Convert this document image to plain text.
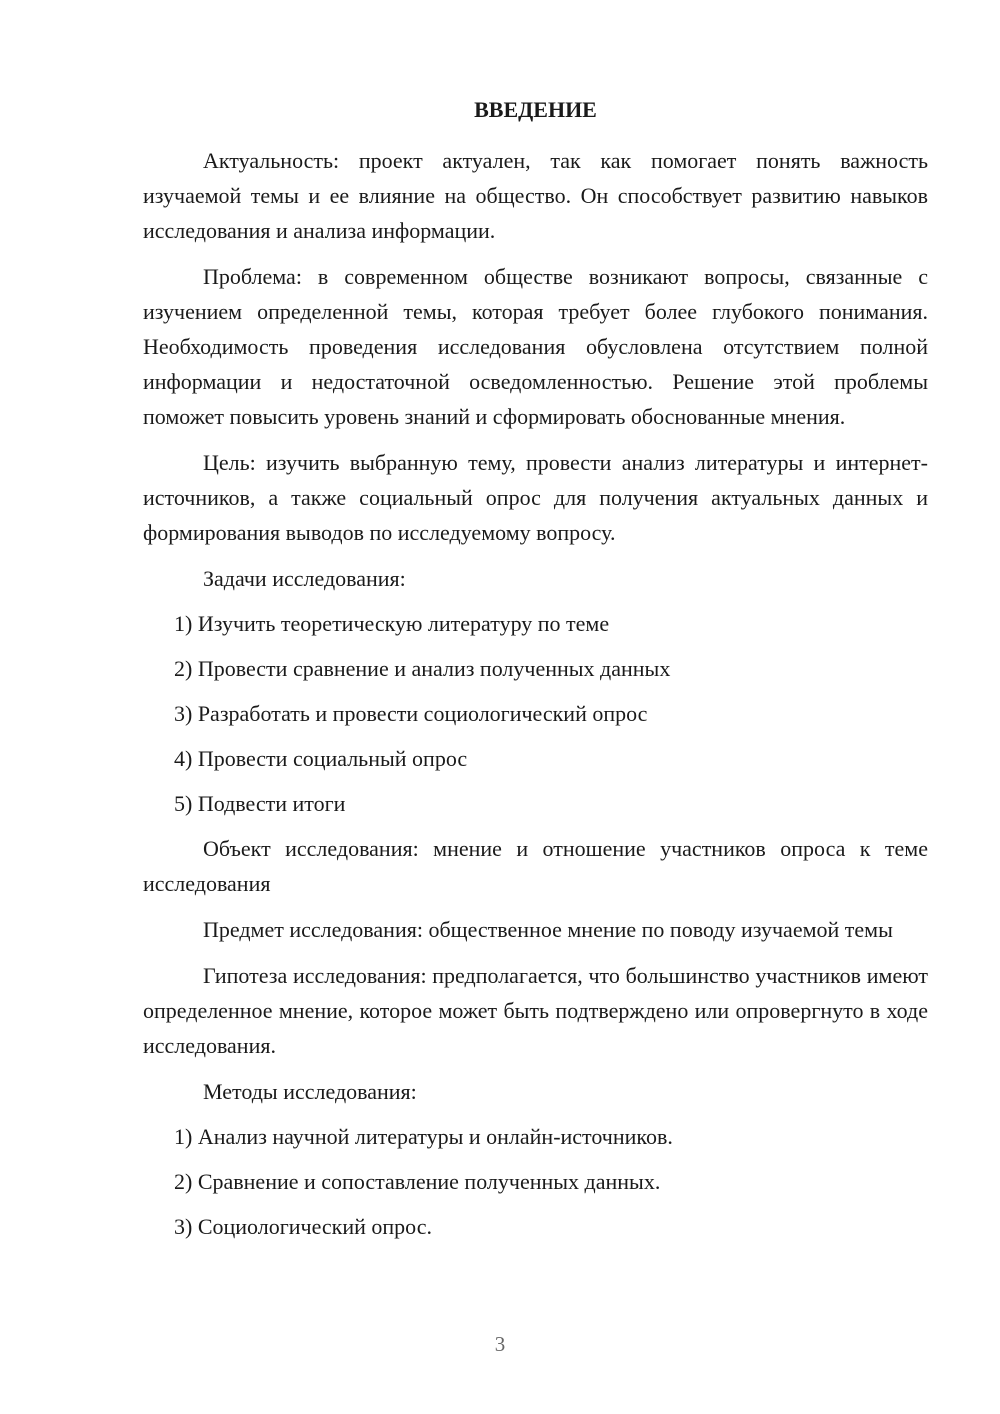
ВВЕДЕНИЕ

Актуальность: проект актуален, так как помогает понять важность изучаемой темы и ее влияние на общество. Он способствует развитию навыков исследования и анализа информации.

Проблема: в современном обществе возникают вопросы, связанные с изучением определенной темы, которая требует более глубокого понимания. Необходимость проведения исследования обусловлена отсутствием полной информации и недостаточной осведомленностью. Решение этой проблемы поможет повысить уровень знаний и сформировать обоснованные мнения.

Цель: изучить выбранную тему, провести анализ литературы и интернет-источников, а также социальный опрос для получения актуальных данных и формирования выводов по исследуемому вопросу.

Задачи исследования:

1) Изучить теоретическую литературу по теме
2) Провести сравнение и анализ полученных данных
3) Разработать и провести социологический опрос
4) Провести социальный опрос
5) Подвести итоги

Объект исследования: мнение и отношение участников опроса к теме исследования

Предмет исследования: общественное мнение по поводу изучаемой темы

Гипотеза исследования: предполагается, что большинство участников имеют определенное мнение, которое может быть подтверждено или опровергнуто в ходе исследования.

Методы исследования:

1) Анализ научной литературы и онлайн-источников.
2) Сравнение и сопоставление полученных данных.
3) Социологический опрос.
3
